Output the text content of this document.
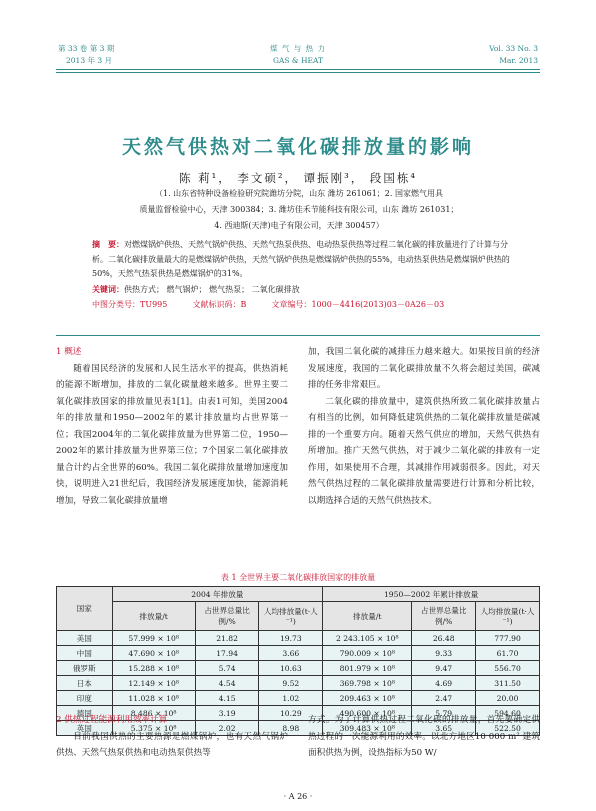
第 33 卷 第 3 期
2013 年 3 月
煤 气 与 热 力
GAS & HEAT
Vol. 33 No. 3
Mar. 2013
天然气供热对二氧化碳排放量的影响
陈 莉¹， 李文硕²， 谭振刚³， 段国栋⁴
（1. 山东省特种设备检验研究院潍坊分院，山东 潍坊 261061；2. 国家燃气用具
质量监督检验中心，天津 300384；3. 潍坊佳禾节能科技有限公司，山东 潍坊 261031；
4. 西迪斯(天津)电子有限公司，天津 300457）
摘　要：对燃煤锅炉供热、天然气锅炉供热、天然气热泵供热、电动热泵供热等过程二氧化碳的排放量进行了计算与分析。二氧化碳排放量最大的是燃煤锅炉供热，天然气锅炉供热是燃煤锅炉供热的55%，电动热泵供热是燃煤锅炉供热的50%，天然气热泵供热是燃煤锅炉的31%。
关键词：供热方式； 燃气锅炉； 燃气热泵； 二氧化碳排放
中图分类号：TU995	文献标识码：B	文章编号：1000－4416(2013)03－0A26－03
1 概述
随着国民经济的发展和人民生活水平的提高，供热消耗的能源不断增加，排放的二氧化碳量越来越多。世界主要二氧化碳排放国家的排放量见表1[1]。由表1可知，美国2004年的排放量和1950—2002年的累计排放量均占世界第一位；我国2004年的二氧化碳排放量为世界第二位，1950—2002年的累计排放量为世界第三位；7个国家二氧化碳排放量合计约占全世界的60%。我国二氧化碳排放量增加速度加快，说明进入21世纪后，我国经济发展速度加快，能源消耗增加，导致二氧化碳排放量增
加，我国二氧化碳的减排压力越来越大。如果按目前的经济发展速度，我国的二氧化碳排放量不久将会超过美国，碳减排的任务非常艰巨。
二氧化碳的排放量中，建筑供热所致二氧化碳排放量占有相当的比例，如何降低建筑供热的二氧化碳排放量是碳减排的一个重要方向。随着天然气供应的增加，天然气供热有所增加。推广天然气供热，对于减少二氧化碳的排放有一定作用，如果使用不合理，其减排作用减弱很多。因此，对天然气供热过程的二氧化碳排放量需要进行计算和分析比较，以期选择合适的天然气供热技术。
表 1 全世界主要二氧化碳排放国家的排放量
国家	2004 年排放量			1950—2002 年累计排放量		
	排放量/t	占世界总量比例/%	人均排放量(t·人⁻¹)	排放量/t	占世界总量比例/%	人均排放量(t·人⁻¹)
美国	57.999 × 10⁸	21.82	19.73	2 243.105 × 10⁸	26.48	777.90
中国	47.690 × 10⁸	17.94	3.66	790.009 × 10⁸	9.33	61.70
俄罗斯	15.288 × 10⁸	5.74	10.63	801.979 × 10⁸	9.47	556.70
日本	12.149 × 10⁸	4.54	9.52	369.798 × 10⁸	4.69	311.50
印度	11.028 × 10⁸	4.15	1.02	209.463 × 10⁸	2.47	20.00
德国	8.486 × 10⁸	3.19	10.29	490.600 × 10⁸	5.79	594.60
英国	5.375 × 10⁸	2.02	8.98	309.483 × 10⁸	3.65	522.50
2 供热过程能源利用效率计算
目前我国供热的主要热源是燃煤锅炉，也有天然气锅炉供热、天然气热泵供热和电动热泵供热等
方式。为了计算供热过程二氧化碳的排放量，首先要确定供热过程的一次能源利用的效率。以北方地区10 000 m² 建筑面积供热为例，设热指标为50 W/
· A 26 ·
